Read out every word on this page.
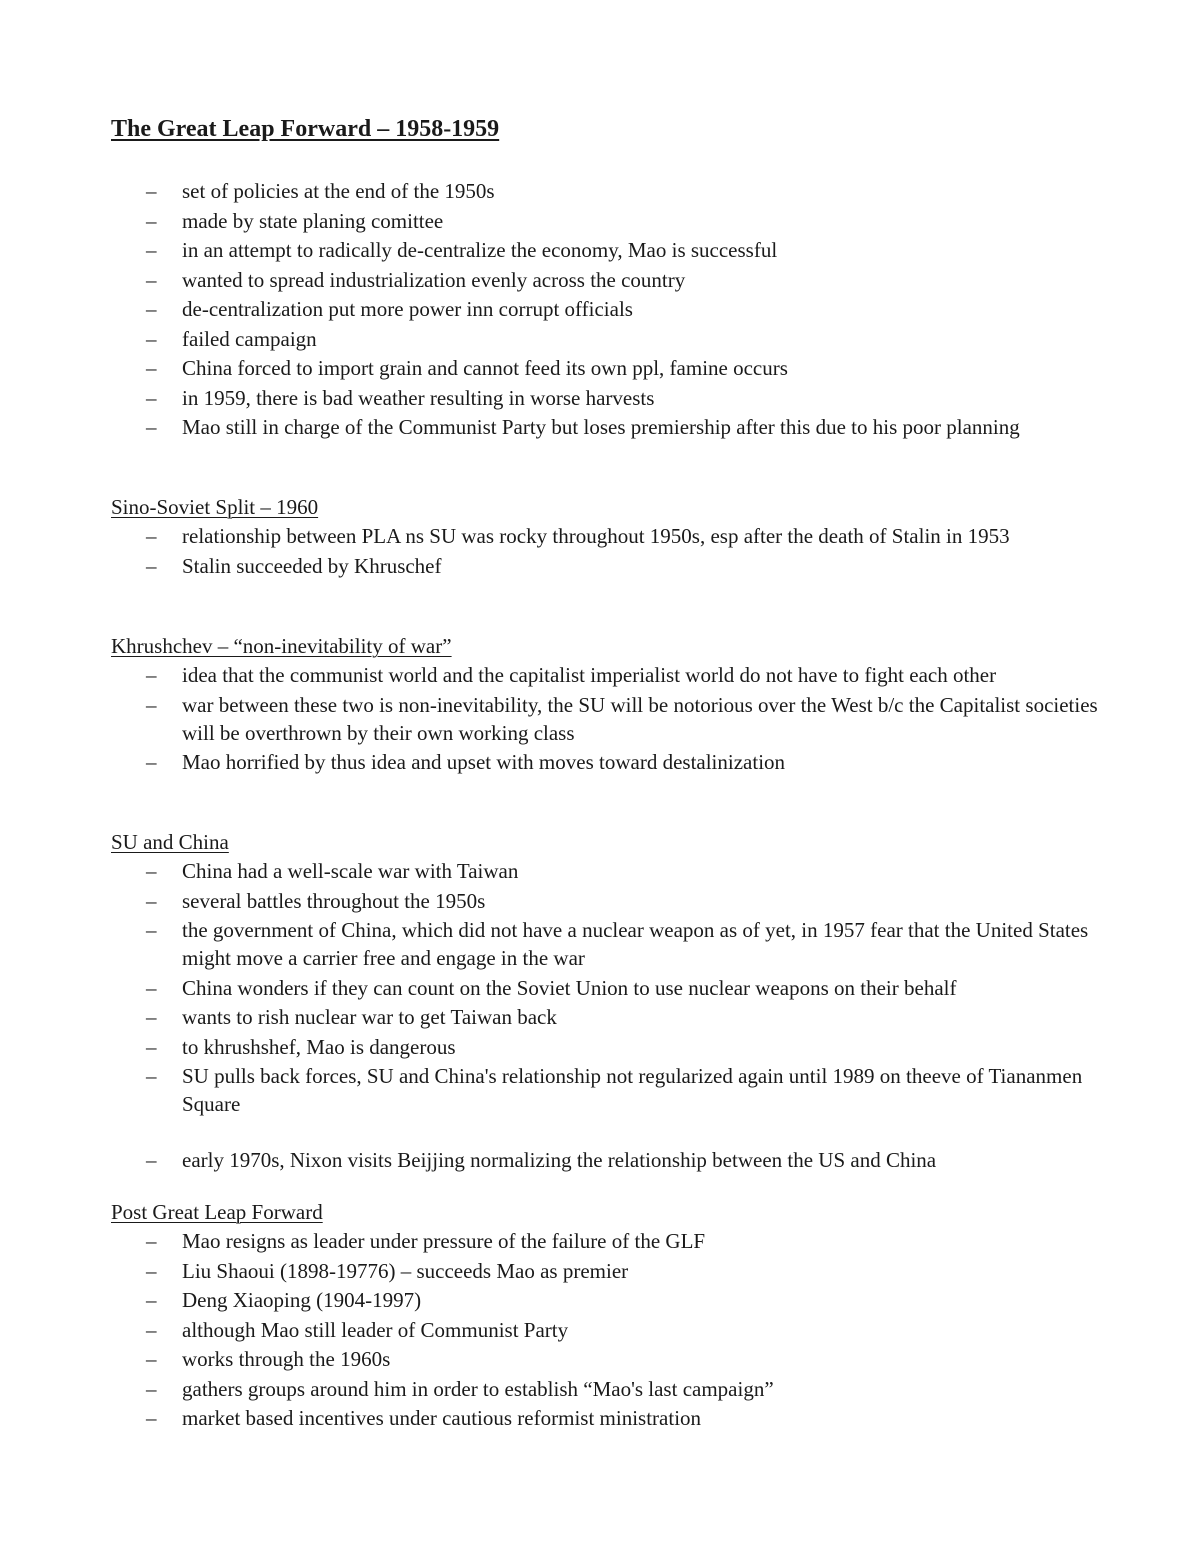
The Great Leap Forward – 1958-1959
– set of policies at the end of the 1950s
– made by state planing comittee
– in an attempt to radically de-centralize the economy, Mao is successful
– wanted to spread industrialization evenly across the country
– de-centralization put more power inn corrupt officials
– failed campaign
– China forced to import grain and cannot feed its own ppl, famine occurs
– in 1959, there is bad weather resulting in worse harvests
– Mao still in charge of the Communist Party but loses premiership after this due to his poor planning
Sino-Soviet Split – 1960
– relationship between PLA ns SU was rocky throughout 1950s, esp after the death of Stalin in 1953
– Stalin succeeded by Khruschef
Khrushchev – “non-inevitability of war”
– idea that the communist world and the capitalist imperialist world do not have to fight each other
– war between these two is non-inevitability, the SU will be notorious over the West b/c the Capitalist societies will be overthrown by their own working class
– Mao horrified by thus idea and upset with moves toward destalinization
SU and China
– China had a well-scale war with Taiwan
– several battles throughout the 1950s
– the government of China, which did not have a nuclear weapon as of yet, in 1957 fear that the United States might move a carrier free and engage in the war
– China wonders if they can count on the Soviet Union to use nuclear weapons on their behalf
– wants to rish nuclear war to get Taiwan back
– to khrushshef, Mao is dangerous
– SU pulls back forces, SU and China's relationship not regularized again until 1989 on theeve of Tiananmen Square
– early 1970s, Nixon visits Beijjing normalizing the relationship between the US and China
Post Great Leap Forward
– Mao resigns as leader under pressure of the failure of the GLF
– Liu Shaoui (1898-19776) – succeeds Mao as premier
– Deng Xiaoping (1904-1997)
– although Mao still leader of Communist Party
– works through the 1960s
– gathers groups around him in order to establish “Mao's last campaign”
– market based incentives under cautious reformist ministration
